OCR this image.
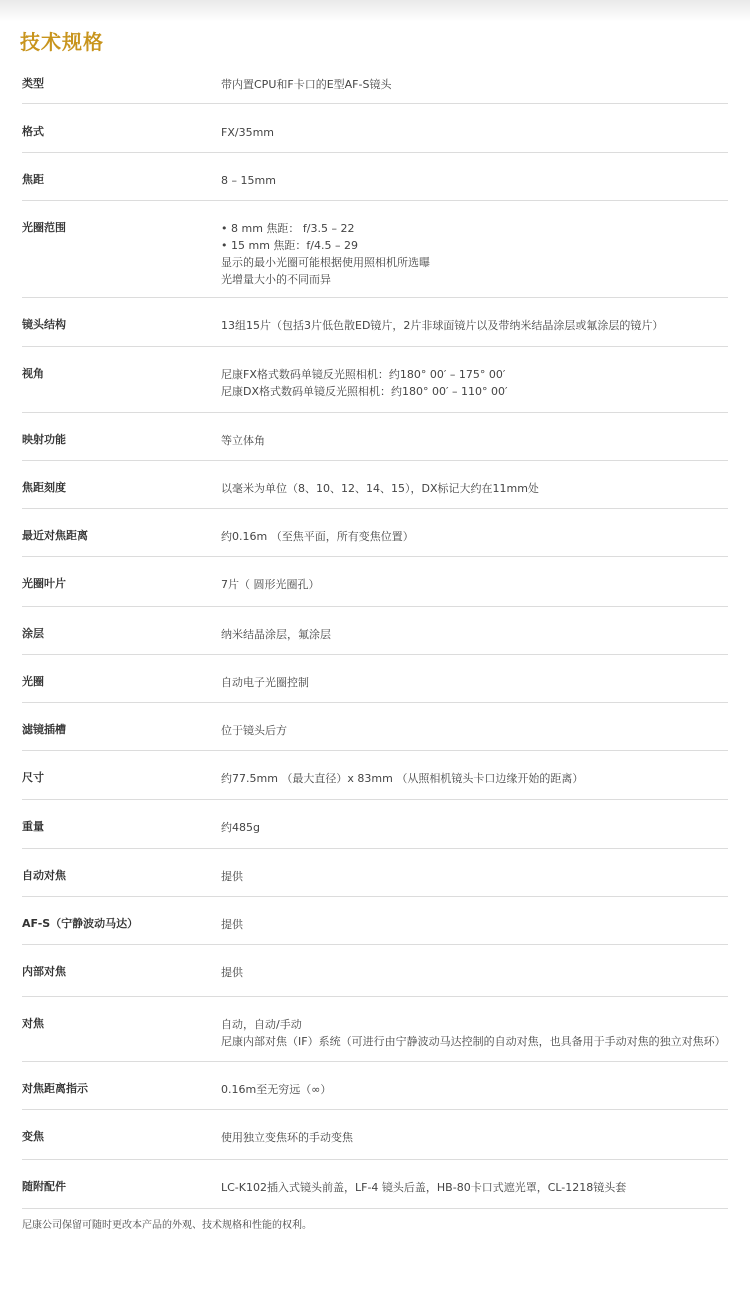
技术规格
类型	带内置CPU和F卡口的E型AF-S镜头
格式	FX/35mm
焦距	8 – 15mm
光圈范围	• 8 mm 焦距： f/3.5 – 22
• 15 mm 焦距：f/4.5 – 29
显示的最小光圈可能根据使用照相机所选曝
光增量大小的不同而异
镜头结构	13组15片（包括3片低色散ED镜片，2片非球面镜片以及带纳米结晶涂层或氟涂层的镜片）
视角	尼康FX格式数码单镜反光照相机：约180° 00′ – 175° 00′
尼康DX格式数码单镜反光照相机：约180° 00′ – 110° 00′
映射功能	等立体角
焦距刻度	以毫米为单位（8、10、12、14、15），DX标记大约在11mm处
最近对焦距离	约0.16m （至焦平面，所有变焦位置）
光圈叶片	7片（ 圆形光圈孔）
涂层	纳米结晶涂层，氟涂层
光圈	自动电子光圈控制
滤镜插槽	位于镜头后方
尺寸	约77.5mm （最大直径）x 83mm （从照相机镜头卡口边缘开始的距离）
重量	约485g
自动对焦	提供
AF-S（宁静波动马达）	提供
内部对焦	提供
对焦	自动，自动/手动
尼康内部对焦（IF）系统（可进行由宁静波动马达控制的自动对焦，也具备用于手动对焦的独立对焦环）
对焦距离指示	0.16m至无穷远（∞）
变焦	使用独立变焦环的手动变焦
随附配件	LC-K102插入式镜头前盖，LF-4 镜头后盖，HB-80卡口式遮光罩，CL-1218镜头套
尼康公司保留可随时更改本产品的外观、技术规格和性能的权利。
